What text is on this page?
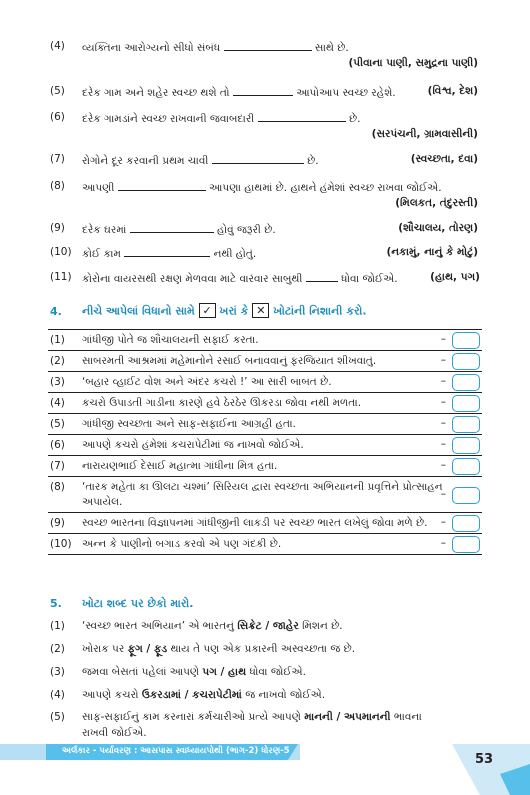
(4) વ્યક્તિના આરોગ્યનો સીધો સંબંધ	સાથે છે.
(પીવાના પાણી, સમુદ્રના પાણી)
(5) દરેક ગામ અને શહેર સ્વચ્છ થશે તો	આપોઆપ સ્વચ્છ રહેશે.	(વિશ્વ, દેશ)
(6) દરેક ગામડાંને સ્વચ્છ રાખવાની જવાબદારી	છે.
(સરપંચની, ગ્રામવાસીની)
(7) રોગોને દૂર કરવાની પ્રથમ ચાવી	છે.	(સ્વચ્છતા, દવા)
(8) આપણી	આપણા હાથમાં છે. હાથને હંમેશાં સ્વચ્છ રાખવા જોઈએ.
(મિલકત, તંદુરસ્તી)
(9) દરેક ઘરમાં	હોવું જરૂરી છે.	(શૌચાલય, તોરણ)
(10) કોઈ કામ	નથી હોતું.	(નકામું, નાનું કે મોટું)
(11) કોરોના વાયરસથી રક્ષણ મેળવવા માટે વારંવાર સાબુથી	ધોવા જોઈએ.	(હાથ, પગ)
4. નીચે આપેલાં વિધાનો સામે ✓ ખરાં કે ✕ ખોટાંની નિશાની કરો.
(1) ગાંધીજી પોતે જ શૌચાલયની સફાઈ કરતા.	–
(2) સાબરમતી આશ્રમમાં મહેમાનોને રસાઈ બનાવવાનું ફરજિયાત શીખવાતું.	–
(3) ‘બહાર વ્હાઈટ વોશ અને અંદર કચરો !’ આ સારી બાબત છે.	–
(4) કચરો ઉપાડતી ગાડીના કારણે હવે ઠેરઠેર ઊકરડા જોવા નથી મળતા.	–
(5) ગાંધીજી સ્વચ્છતા અને સાફ-સફાઈના આગ્રહી હતા.	–
(6) આપણે કચરો હંમેશાં કચરાપેટીમાં જ નાખવો જોઈએ.	–
(7) નારાયણભાઈ દેસાઈ મહાત્મા ગાંધીના મિત્ર હતા.	–
(8) ‘તારક મહેતા કા ઊલટા ચશ્માં’ સિરિયલ દ્વારા સ્વચ્છતા અભિયાનની પ્રવૃત્તિને પ્રોત્સાહન અપાયેલ.
–
(9) સ્વચ્છ ભારતના વિજ્ઞાપનમાં ગાંધીજીની લાકડી પર સ્વચ્છ ભારત લખેલું જોવા મળે છે. –
(10) અન્ન કે પાણીનો બગાડ કરવો એ પણ ગંદકી છે.	–
5. ખોટા શબ્દ પર છેકો મારો.
(1) ‘સ્વચ્છ ભારત અભિયાન’ એ ભારતનું સિક્રેટ / જાહેર મિશન છે.
(2) ખોરાક પર ફૂગ / ફૂડ થાય તે પણ એક પ્રકારની અસ્વચ્છતા જ છે.
(3) જમવા બેસતાં પહેલાં આપણે પગ / હાથ ધોવા જોઈએ.
(4) આપણે કચરો ઉકરડામાં / કચરાપેટીમાં જ નાખવો જોઈએ.
(5) સાફ-સફાઈનું કામ કરનારાં કર્મચારીઓ પ્રત્યે આપણે માનની / અપમાનની ભાવના
રાખવી જોઈએ.
અર્લકાર - પર્યાવરણ : આસપાસ સ્વાધ્યાયપોથી (ભાગ-2) ધોરણ-5
53
